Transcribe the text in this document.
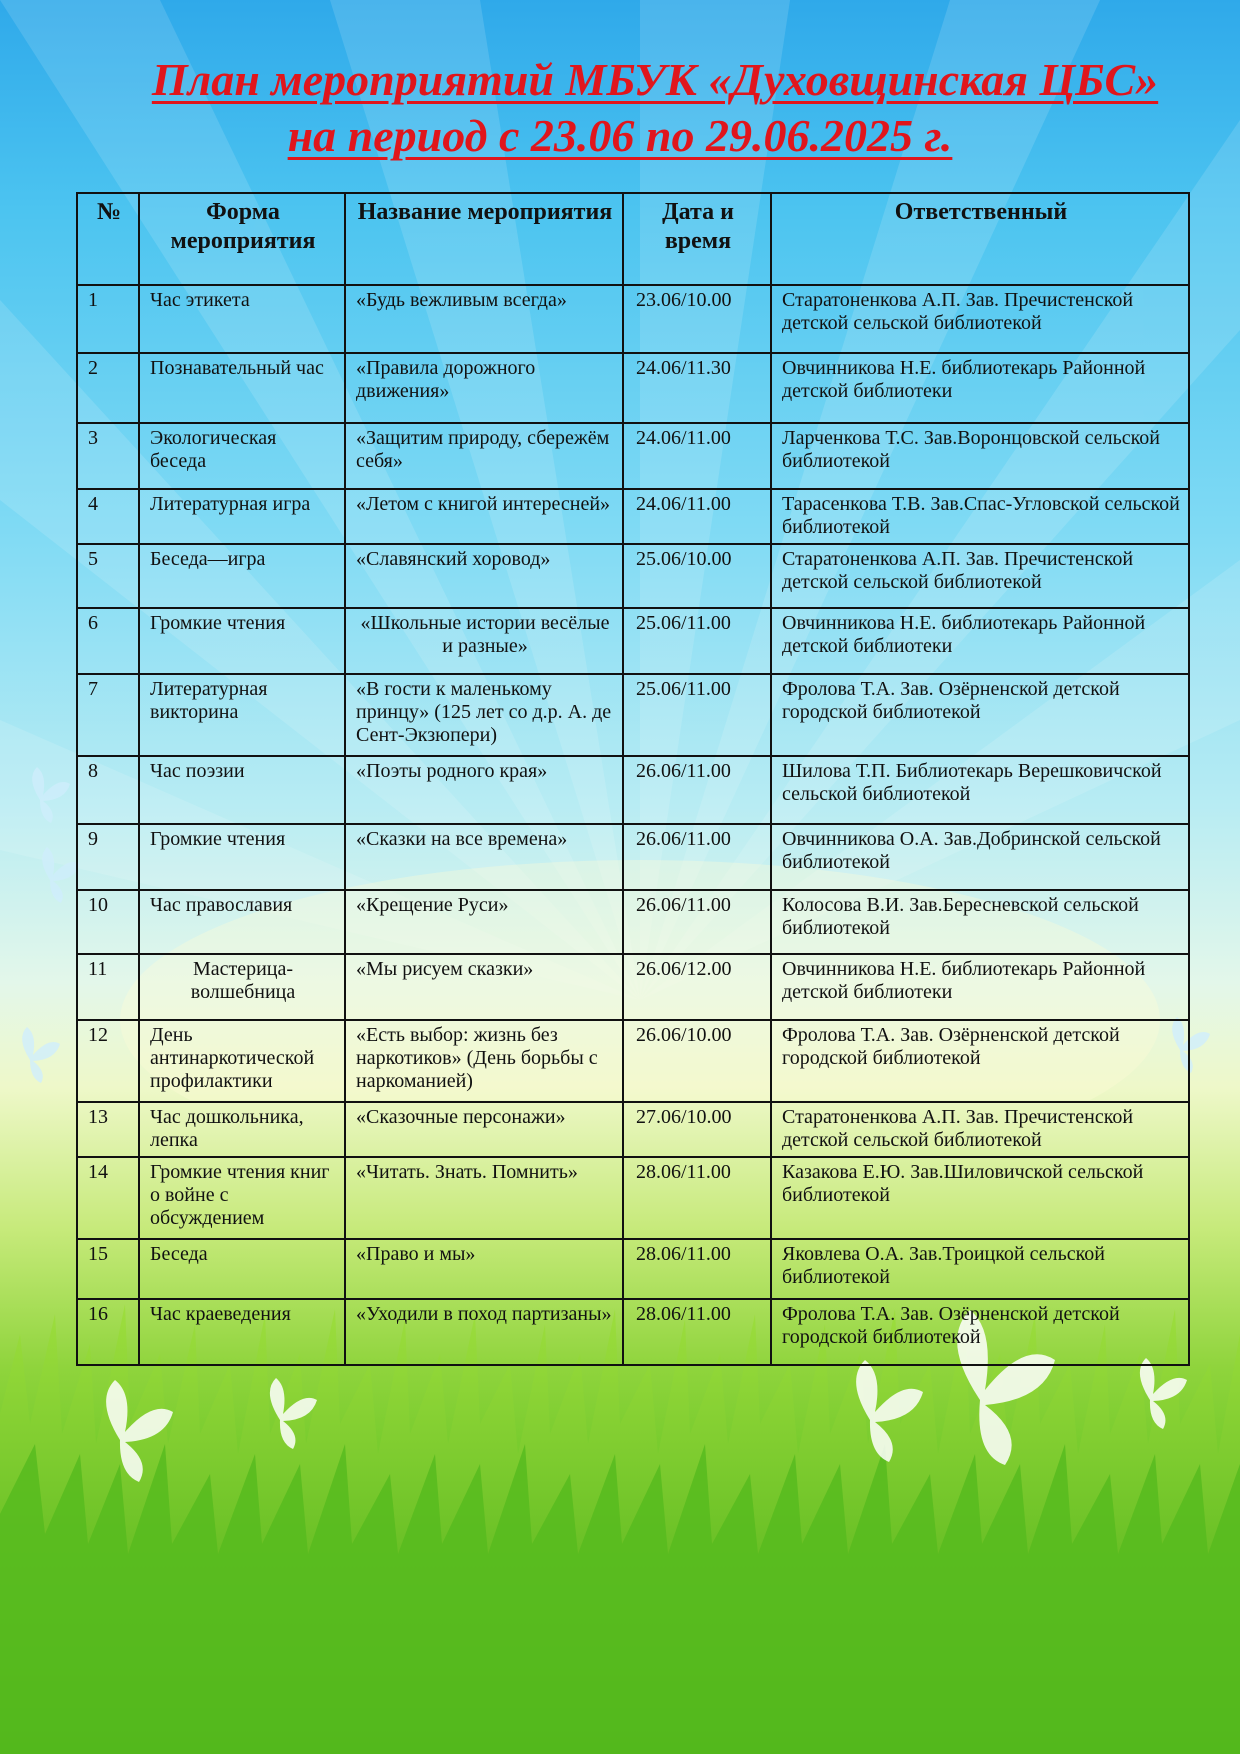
План мероприятий МБУК «Духовщинская ЦБС»
на период с 23.06 по 29.06.2025 г.
№	Форма мероприятия	Название мероприятия	Дата и время	Ответственный
1	Час этикета	«Будь вежливым всегда»	23.06/10.00	Старатоненкова А.П. Зав. Пречистенской детской сельской библиотекой
2	Познавательный час	«Правила дорожного движения»	24.06/11.30	Овчинникова Н.Е. библиотекарь Районной детской библиотеки
3	Экологическая беседа	«Защитим природу, сбережём себя»	24.06/11.00	Ларченкова Т.С. Зав.Воронцовской сельской библиотекой
4	Литературная игра	«Летом с книгой интересней»	24.06/11.00	Тарасенкова Т.В. Зав.Спас-Угловской сельской библиотекой
5	Беседа—игра	«Славянский хоровод»	25.06/10.00	Старатоненкова А.П. Зав. Пречистенской детской сельской библиотекой
6	Громкие чтения	«Школьные истории весёлые и разные»	25.06/11.00	Овчинникова Н.Е. библиотекарь Районной детской библиотеки
7	Литературная викторина	«В гости к маленькому принцу» (125 лет со д.р. А. де Сент-Экзюпери)	25.06/11.00	Фролова Т.А. Зав. Озёрненской детской городской библиотекой
8	Час поэзии	«Поэты родного края»	26.06/11.00	Шилова Т.П. Библиотекарь Верешковичской сельской библиотекой
9	Громкие чтения	«Сказки на все времена»	26.06/11.00	Овчинникова О.А. Зав.Добринской сельской библиотекой
10	Час православия	«Крещение Руси»	26.06/11.00	Колосова В.И. Зав.Бересневской сельской библиотекой
11	Мастерица- волшебница	«Мы рисуем сказки»	26.06/12.00	Овчинникова Н.Е. библиотекарь Районной детской библиотеки
12	День антинаркотической профилактики	«Есть выбор: жизнь без наркотиков» (День борьбы с наркоманией)	26.06/10.00	Фролова Т.А. Зав. Озёрненской детской городской библиотекой
13	Час дошкольника, лепка	«Сказочные персонажи»	27.06/10.00	Старатоненкова А.П. Зав. Пречистенской детской сельской библиотекой
14	Громкие чтения книг о войне с обсуждением	«Читать. Знать. Помнить»	28.06/11.00	Казакова Е.Ю. Зав.Шиловичской сельской библиотекой
15	Беседа	«Право и мы»	28.06/11.00	Яковлева О.А. Зав.Троицкой сельской библиотекой
16	Час краеведения	«Уходили в поход партизаны»	28.06/11.00	Фролова Т.А. Зав. Озёрненской детской городской библиотекой
